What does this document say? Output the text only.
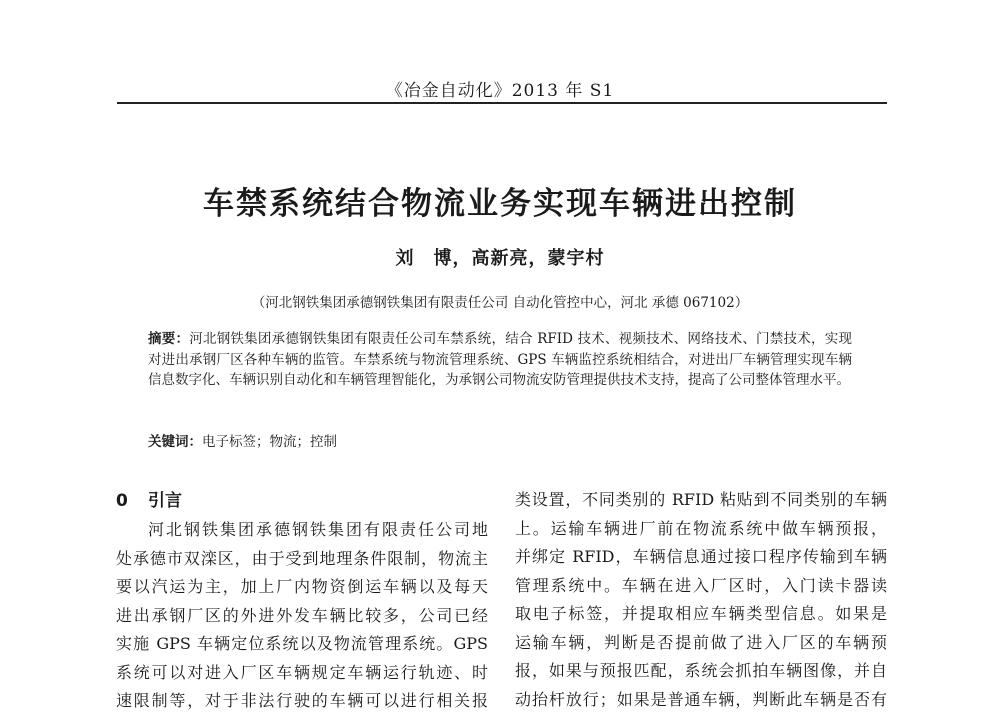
《冶金自动化》2013 年 S1
车禁系统结合物流业务实现车辆进出控制
刘　博，高新亮，蒙宇村
（河北钢铁集团承德钢铁集团有限责任公司 自动化管控中心，河北 承德 067102）
摘要：河北钢铁集团承德钢铁集团有限责任公司车禁系统，结合 RFID 技术、视频技术、网络技术、门禁技术，实现对进出承钢厂区各种车辆的监管。车禁系统与物流管理系统、GPS 车辆监控系统相结合，对进出厂车辆管理实现车辆信息数字化、车辆识别自动化和车辆管理智能化，为承钢公司物流安防管理提供技术支持，提高了公司整体管理水平。
关键词：电子标签；物流；控制
0 引言
河北钢铁集团承德钢铁集团有限责任公司地
处承德市双滦区，由于受到地理条件限制，物流主
要以汽运为主，加上厂内物资倒运车辆以及每天
进出承钢厂区的外进外发车辆比较多，公司已经
实施 GPS 车辆定位系统以及物流管理系统。GPS
系统可以对进入厂区车辆规定车辆运行轨迹、时
速限制等，对于非法行驶的车辆可以进行相关报
类设置，不同类别的 RFID 粘贴到不同类别的车辆
上。运输车辆进厂前在物流系统中做车辆预报，
并绑定 RFID，车辆信息通过接口程序传输到车辆
管理系统中。车辆在进入厂区时，入门读卡器读
取电子标签，并提取相应车辆类型信息。如果是
运输车辆，判断是否提前做了进入厂区的车辆预
报，如果与预报匹配，系统会抓拍车辆图像，并自
动抬杆放行；如果是普通车辆，判断此车辆是否有
